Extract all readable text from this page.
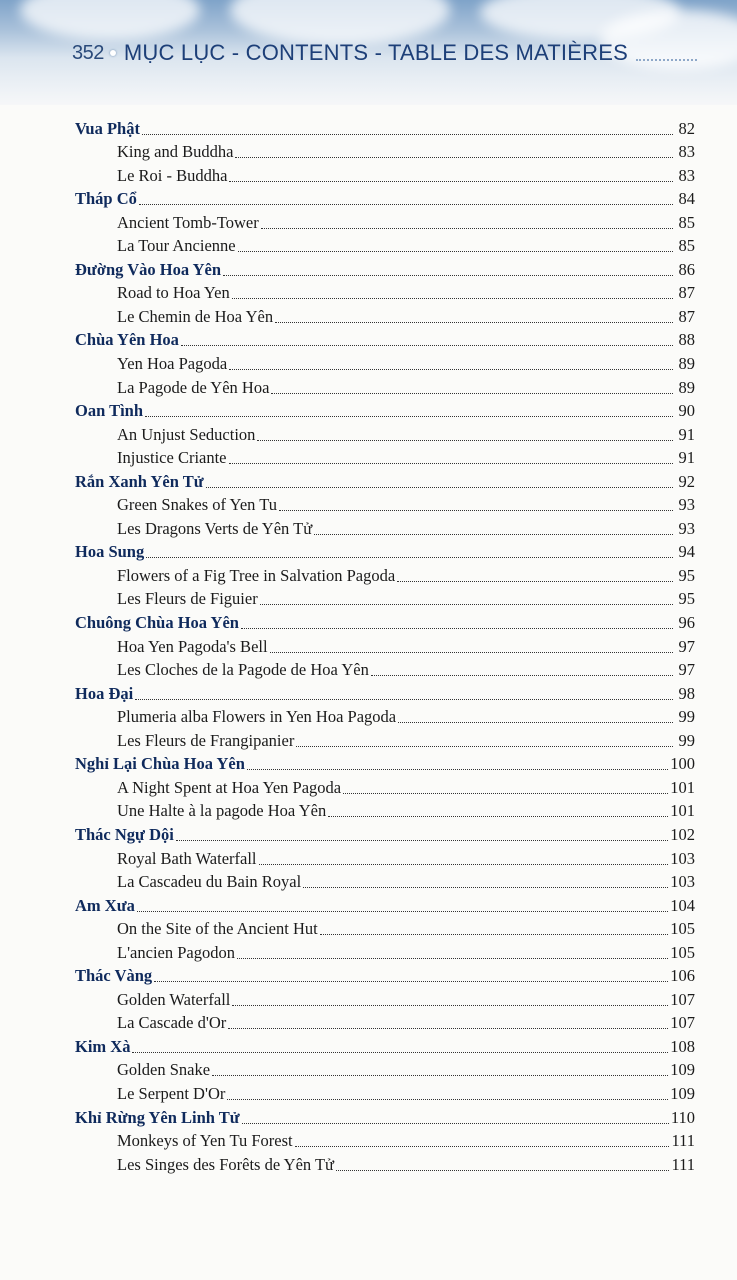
352 MỤC LỤC - CONTENTS - TABLE DES MATIÈRES
Vua Phật	82
King and Buddha	83
Le Roi - Buddha	83
Tháp Cổ	84
Ancient Tomb-Tower	85
La Tour Ancienne	85
Đường Vào Hoa Yên	86
Road to Hoa Yen	87
Le Chemin de Hoa Yên	87
Chùa Yên Hoa	88
Yen Hoa Pagoda	89
La Pagode de Yên Hoa	89
Oan Tình	90
An Unjust Seduction	91
Injustice Criante	91
Rắn Xanh Yên Tử	92
Green Snakes of Yen Tu	93
Les Dragons Verts de Yên Tử	93
Hoa Sung	94
Flowers of a Fig Tree in Salvation Pagoda	95
Les Fleurs de Figuier	95
Chuông Chùa Hoa Yên	96
Hoa Yen Pagoda's Bell	97
Les Cloches de la Pagode de Hoa Yên	97
Hoa Đại	98
Plumeria alba Flowers in Yen Hoa Pagoda	99
Les Fleurs de Frangipanier	99
Nghỉ Lại Chùa Hoa Yên	100
A Night Spent at Hoa Yen Pagoda	101
Une Halte à la pagode Hoa Yên	101
Thác Ngự Dội	102
Royal Bath Waterfall	103
La Cascadeu du Bain Royal	103
Am Xưa	104
On the Site of the Ancient Hut	105
L'ancien Pagodon	105
Thác Vàng	106
Golden Waterfall	107
La Cascade d'Or	107
Kim Xà	108
Golden Snake	109
Le Serpent D'Or	109
Khỉ Rừng Yên Linh Tử	110
Monkeys of Yen Tu Forest	111
Les Singes des Forêts de Yên Tử	111
